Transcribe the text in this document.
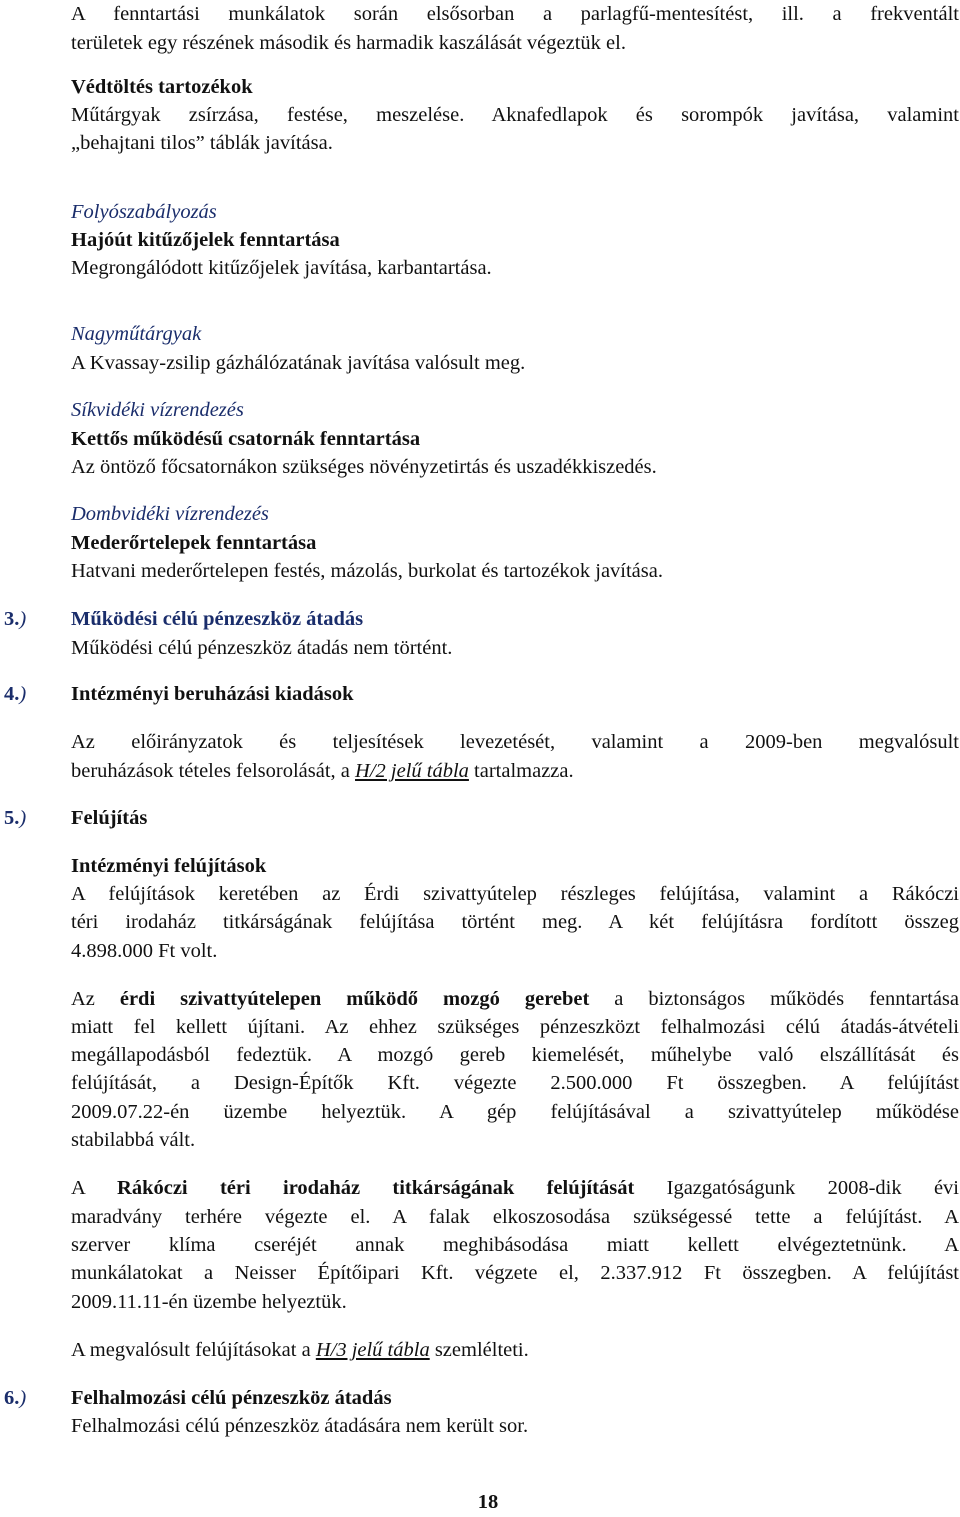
A fenntartási munkálatok során elsősorban a parlagfű-mentesítést, ill. a frekventált
területek egy részének második és harmadik kaszálását végeztük el.
Védtöltés tartozékok
Műtárgyak zsírzása, festése, meszelése. Aknafedlapok és sorompók javítása, valamint
„behajtani tilos” táblák javítása.
Folyószabályozás
Hajóút kitűzőjelek fenntartása
Megrongálódott kitűzőjelek javítása, karbantartása.
Nagyműtárgyak
A Kvassay-zsilip gázhálózatának javítása valósult meg.
Síkvidéki vízrendezés
Kettős működésű csatornák fenntartása
Az öntöző főcsatornákon szükséges növényzetirtás és uszadékkiszedés.
Dombvidéki vízrendezés
Mederőrtelepek fenntartása
Hatvani mederőrtelepen festés, mázolás, burkolat és tartozékok javítása.
3.) Működési célú pénzeszköz átadás
Működési célú pénzeszköz átadás nem történt.
4.) Intézményi beruházási kiadások
Az előirányzatok és teljesítések levezetését, valamint a 2009-ben megvalósult
beruházások tételes felsorolását, a H/2 jelű tábla tartalmazza.
5.) Felújítás
Intézményi felújítások
A felújítások keretében az Érdi szivattyútelep részleges felújítása, valamint a Rákóczi
téri irodaház titkárságának felújítása történt meg. A két felújításra fordított összeg
4.898.000 Ft volt.
Az érdi szivattyútelepen működő mozgó gerebet a biztonságos működés fenntartása
miatt fel kellett újítani. Az ehhez szükséges pénzeszközt felhalmozási célú átadás-átvételi
megállapodásból fedeztük. A mozgó gereb kiemelését, műhelybe való elszállítását és
felújítását, a Design-Építők Kft. végezte 2.500.000 Ft összegben. A felújítást
2009.07.22-én üzembe helyeztük. A gép felújításával a szivattyútelep működése
stabilabbá vált.
A Rákóczi téri irodaház titkárságának felújítását Igazgatóságunk 2008-dik évi
maradvány terhére végezte el. A falak elkoszosodása szükségessé tette a felújítást. A
szerver klíma cseréjét annak meghibásodása miatt kellett elvégeztetnünk. A
munkálatokat a Neisser Építőipari Kft. végzete el, 2.337.912 Ft összegben. A felújítást
2009.11.11-én üzembe helyeztük.
A megvalósult felújításokat a H/3 jelű tábla szemlélteti.
6.) Felhalmozási célú pénzeszköz átadás
Felhalmozási célú pénzeszköz átadására nem került sor.
18
